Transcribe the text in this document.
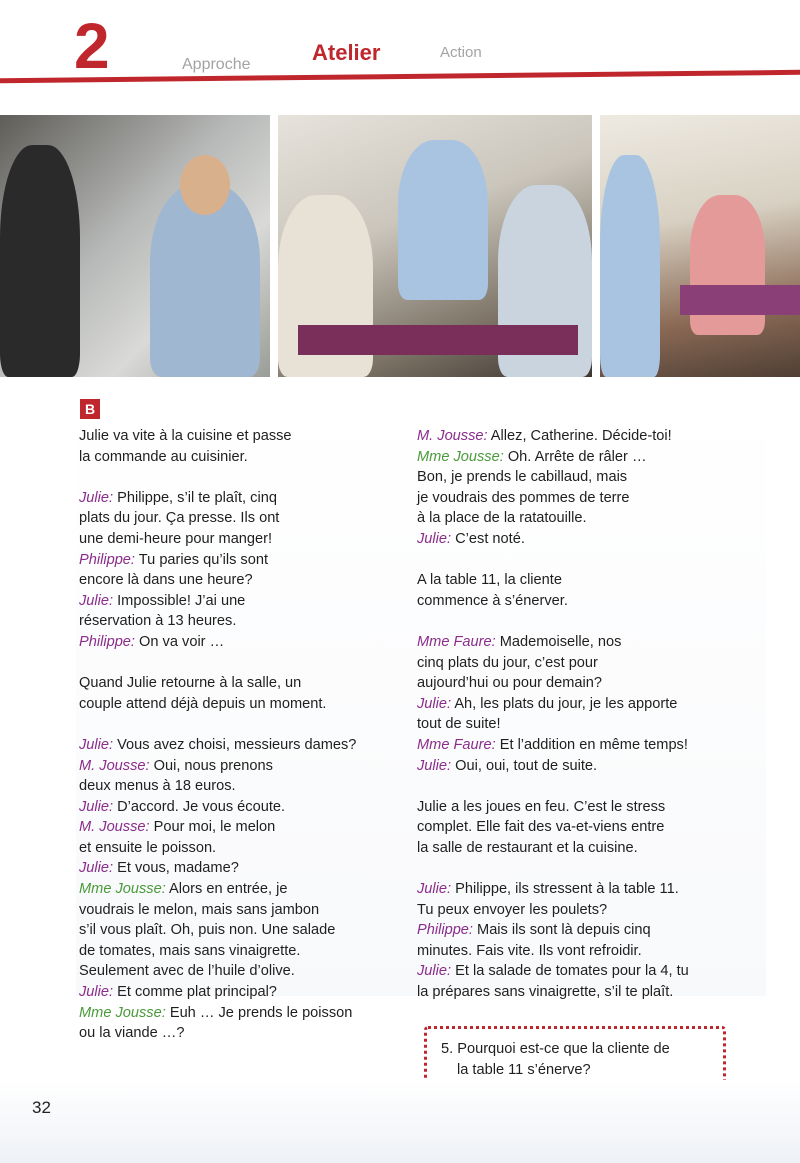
2	Approche	Atelier	Action
B
Julie va vite à la cuisine et passe
la commande au cuisinier.
Julie: Philippe, s’il te plaît, cinq
plats du jour. Ça presse. Ils ont
une demi-heure pour manger!
Philippe: Tu paries qu’ils sont
encore là dans une heure?
Julie: Impossible! J’ai une
réservation à 13 heures.
Philippe: On va voir …
Quand Julie retourne à la salle, un
couple attend déjà depuis un moment.
Julie: Vous avez choisi, messieurs dames?
M. Jousse: Oui, nous prenons
deux menus à 18 euros.
Julie: D’accord. Je vous écoute.
M. Jousse: Pour moi, le melon
et ensuite le poisson.
Julie: Et vous, madame?
Mme Jousse: Alors en entrée, je
voudrais le melon, mais sans jambon
s’il vous plaît. Oh, puis non. Une salade
de tomates, mais sans vinaigrette.
Seulement avec de l’huile d’olive.
Julie: Et comme plat principal?
Mme Jousse: Euh … Je prends le poisson
ou la viande …?
M. Jousse: Allez, Catherine. Décide-toi!
Mme Jousse: Oh. Arrête de râler …
Bon, je prends le cabillaud, mais
je voudrais des pommes de terre
à la place de la ratatouille.
Julie: C’est noté.
A la table 11, la cliente
commence à s’énerver.
Mme Faure: Mademoiselle, nos
cinq plats du jour, c’est pour
aujourd’hui ou pour demain?
Julie: Ah, les plats du jour, je les apporte
tout de suite!
Mme Faure: Et l’addition en même temps!
Julie: Oui, oui, tout de suite.
Julie a les joues en feu. C’est le stress
complet. Elle fait des va-et-viens entre
la salle de restaurant et la cuisine.
Julie: Philippe, ils stressent à la table 11.
Tu peux envoyer les poulets?
Philippe: Mais ils sont là depuis cinq
minutes. Fais vite. Ils vont refroidir.
Julie: Et la salade de tomates pour la 4, tu
la prépares sans vinaigrette, s’il te plaît.
5. Pourquoi est-ce que la cliente de
la table 11 s’énerve?
32
